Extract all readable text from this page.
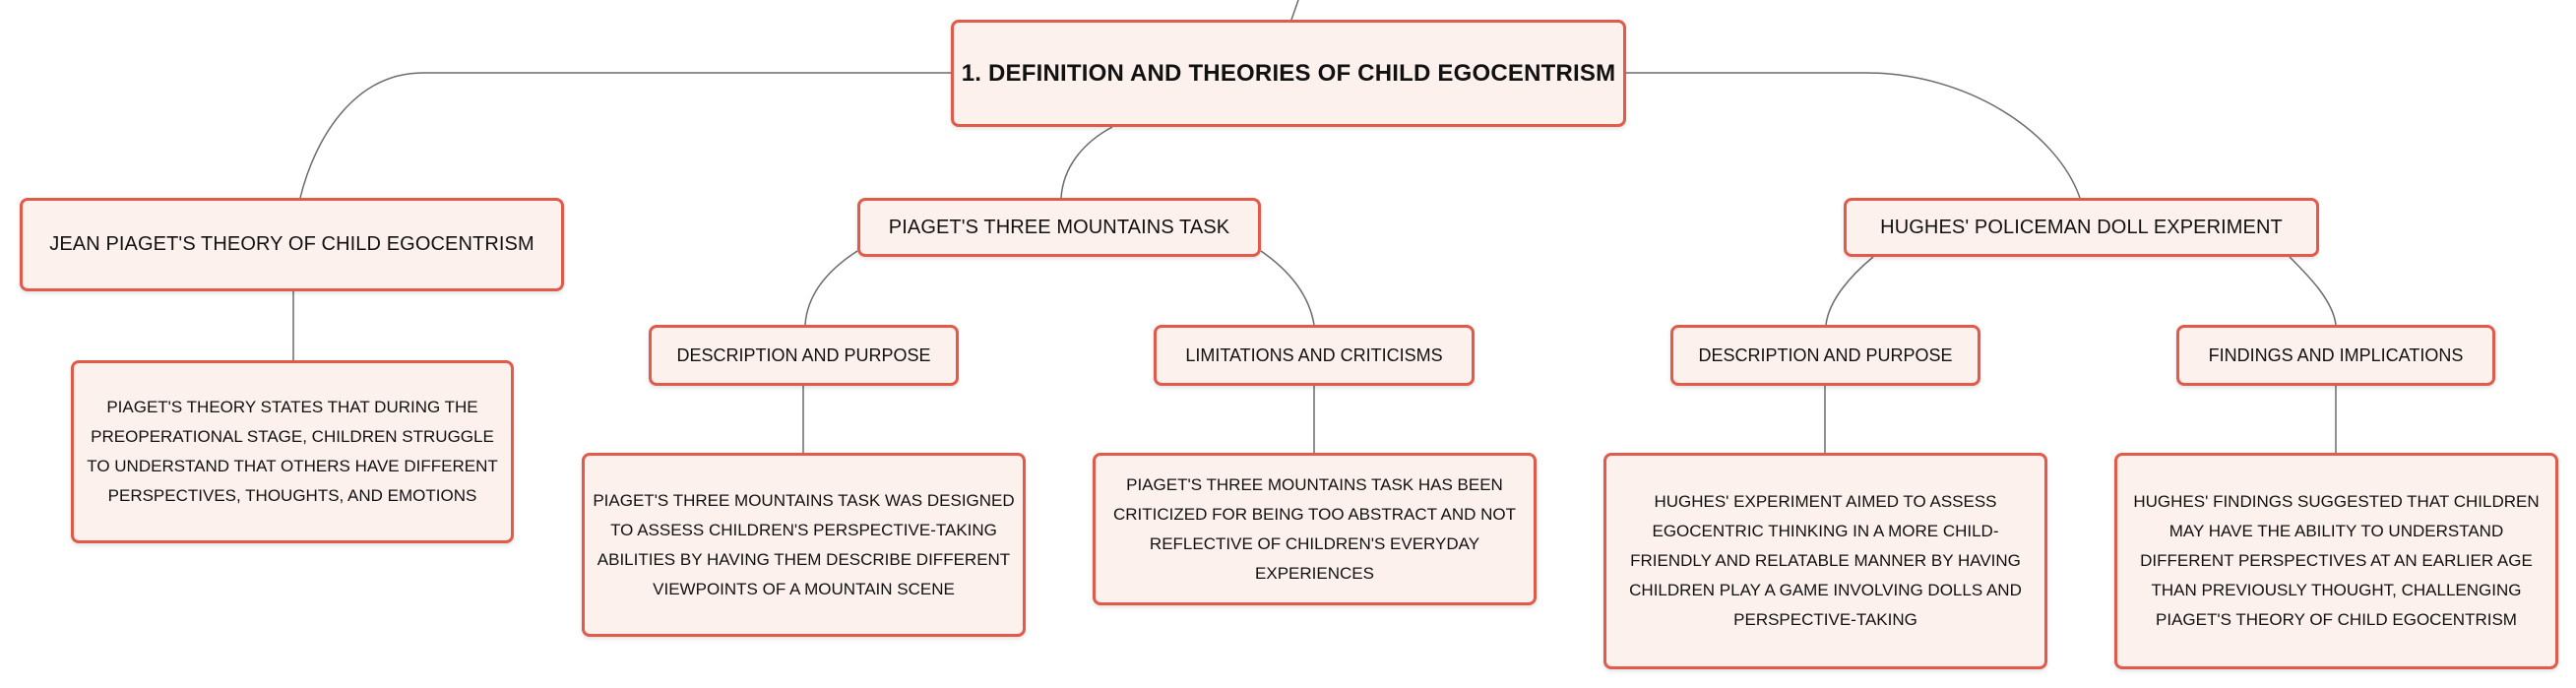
1. DEFINITION AND THEORIES OF CHILD EGOCENTRISM
JEAN PIAGET'S THEORY OF CHILD EGOCENTRISM
PIAGET'S THREE MOUNTAINS TASK	HUGHES' POLICEMAN DOLL EXPERIMENT
DESCRIPTION AND PURPOSE	LIMITATIONS AND CRITICISMS	DESCRIPTION AND PURPOSE	FINDINGS AND IMPLICATIONS
PIAGET'S THEORY STATES THAT DURING THE PREOPERATIONAL STAGE, CHILDREN STRUGGLE TO UNDERSTAND THAT OTHERS HAVE DIFFERENT PERSPECTIVES, THOUGHTS, AND EMOTIONS	PIAGET'S THREE MOUNTAINS TASK WAS DESIGNED TO ASSESS CHILDREN'S PERSPECTIVE-TAKING ABILITIES BY HAVING THEM DESCRIBE DIFFERENT VIEWPOINTS OF A MOUNTAIN SCENE
PIAGET'S THREE MOUNTAINS TASK HAS BEEN CRITICIZED FOR BEING TOO ABSTRACT AND NOT REFLECTIVE OF CHILDREN'S EVERYDAY EXPERIENCES
HUGHES' EXPERIMENT AIMED TO ASSESS EGOCENTRIC THINKING IN A MORE CHILD-FRIENDLY AND RELATABLE MANNER BY HAVING CHILDREN PLAY A GAME INVOLVING DOLLS AND PERSPECTIVE-TAKING
HUGHES' FINDINGS SUGGESTED THAT CHILDREN MAY HAVE THE ABILITY TO UNDERSTAND DIFFERENT PERSPECTIVES AT AN EARLIER AGE THAN PREVIOUSLY THOUGHT, CHALLENGING PIAGET'S THEORY OF CHILD EGOCENTRISM
